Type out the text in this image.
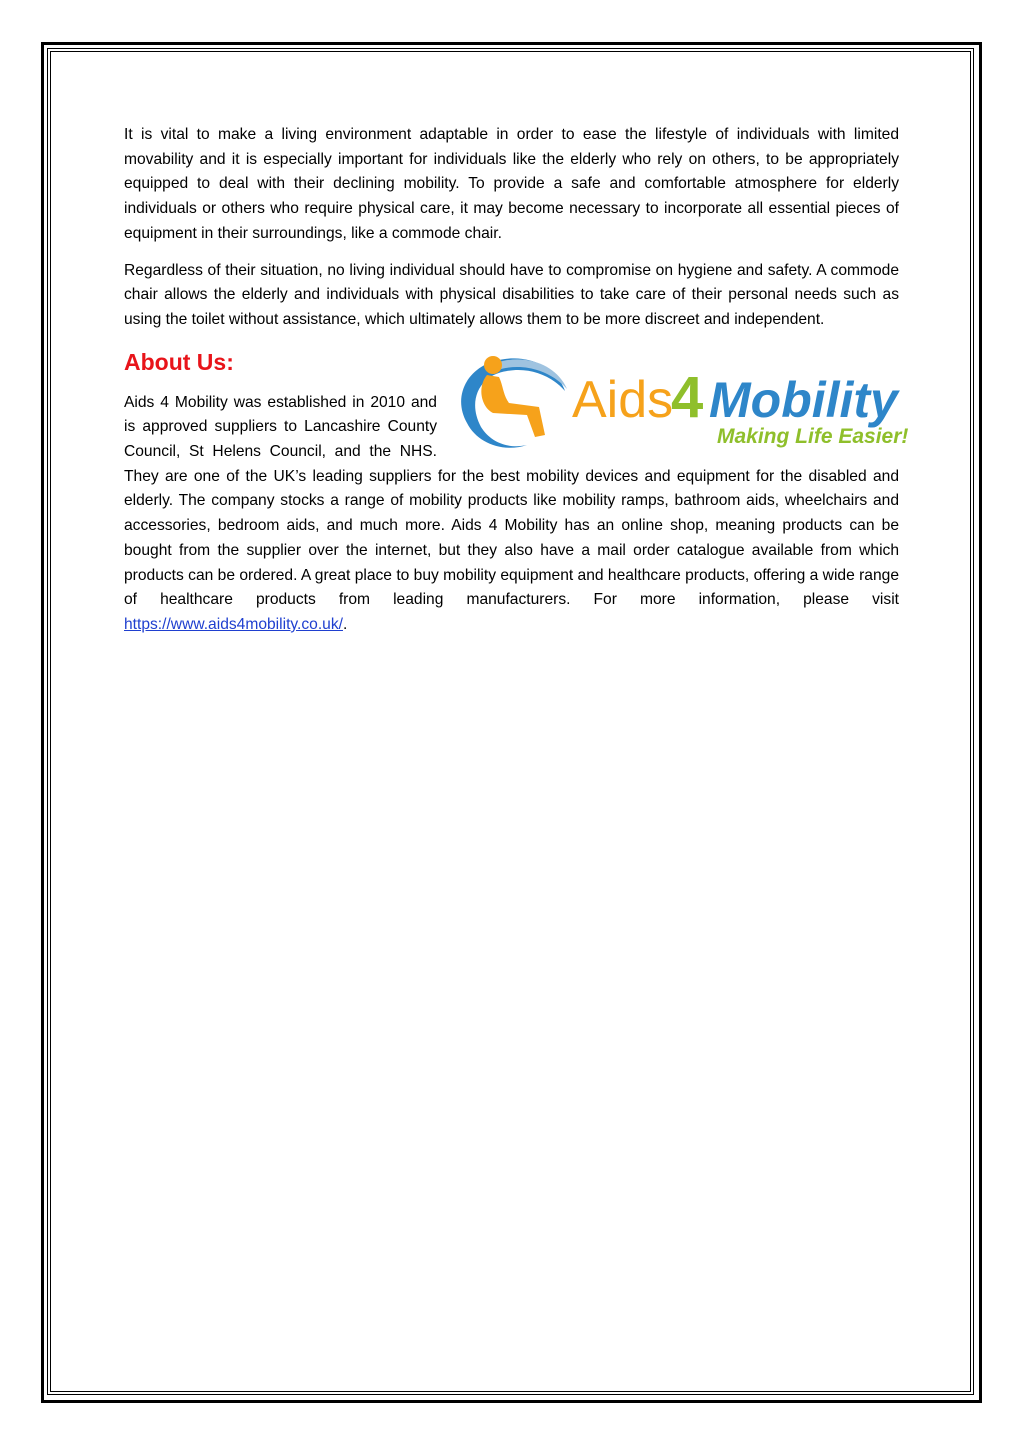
It is vital to make a living environment adaptable in order to ease the lifestyle of individuals with limited movability and it is especially important for individuals like the elderly who rely on others, to be appropriately equipped to deal with their declining mobility. To provide a safe and comfortable atmosphere for elderly individuals or others who require physical care, it may become necessary to incorporate all essential pieces of equipment in their surroundings, like a commode chair.

Regardless of their situation, no living individual should have to compromise on hygiene and safety. A commode chair allows the elderly and individuals with physical disabilities to take care of their personal needs such as using the toilet without assistance, which ultimately allows them to be more discreet and independent.

About Us:
Aids
4 Mobility
Making Life Easier!
Aids 4 Mobility was established in 2010 and is approved suppliers to Lancashire County Council, St Helens Council, and the NHS. They are one of the UK’s leading suppliers for the best mobility devices and equipment for the disabled and elderly. The company stocks a range of mobility products like mobility ramps, bathroom aids, wheelchairs and accessories, bedroom aids, and much more. Aids 4 Mobility has an online shop, meaning products can be bought from the supplier over the internet, but they also have a mail order catalogue available from which products can be ordered. A great place to buy mobility equipment and healthcare products, offering a wide range of healthcare products from leading manufacturers. For more information, please visit https://www.aids4mobility.co.uk/.
